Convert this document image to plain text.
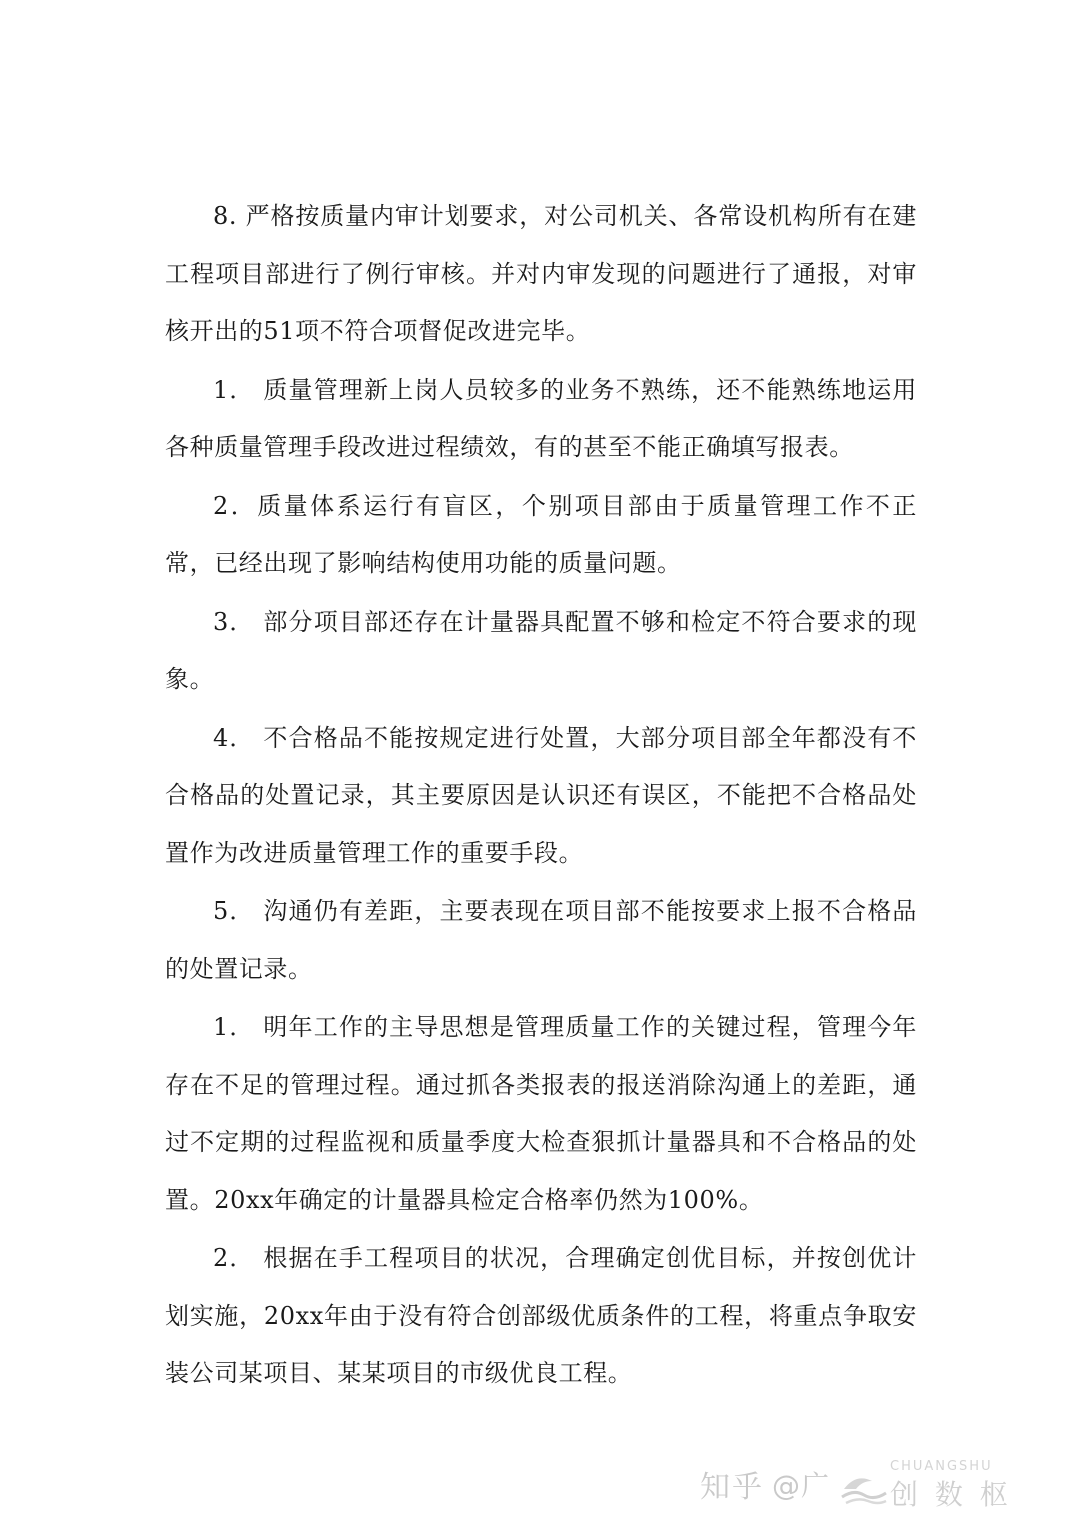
8. 严格按质量内审计划要求，对公司机关、各常设机构所有在建工程项目部进行了例行审核。并对内审发现的问题进行了通报，对审核开出的51项不符合项督促改进完毕。

1． 质量管理新上岗人员较多的业务不熟练，还不能熟练地运用各种质量管理手段改进过程绩效，有的甚至不能正确填写报表。

2．质量体系运行有盲区，个别项目部由于质量管理工作不正常，已经出现了影响结构使用功能的质量问题。

3． 部分项目部还存在计量器具配置不够和检定不符合要求的现象。

4． 不合格品不能按规定进行处置，大部分项目部全年都没有不合格品的处置记录，其主要原因是认识还有误区，不能把不合格品处置作为改进质量管理工作的重要手段。

5． 沟通仍有差距，主要表现在项目部不能按要求上报不合格品的处置记录。

1． 明年工作的主导思想是管理质量工作的关键过程，管理今年存在不足的管理过程。通过抓各类报表的报送消除沟通上的差距，通过不定期的过程监视和质量季度大检查狠抓计量器具和不合格品的处置。20xx年确定的计量器具检定合格率仍然为100%。

2． 根据在手工程项目的状况，合理确定创优目标，并按创优计划实施，20xx年由于没有符合创部级优质条件的工程，将重点争取安装公司某项目、某某项目的市级优良工程。

知乎 @广
CHUANGSHU
创 数 枢
